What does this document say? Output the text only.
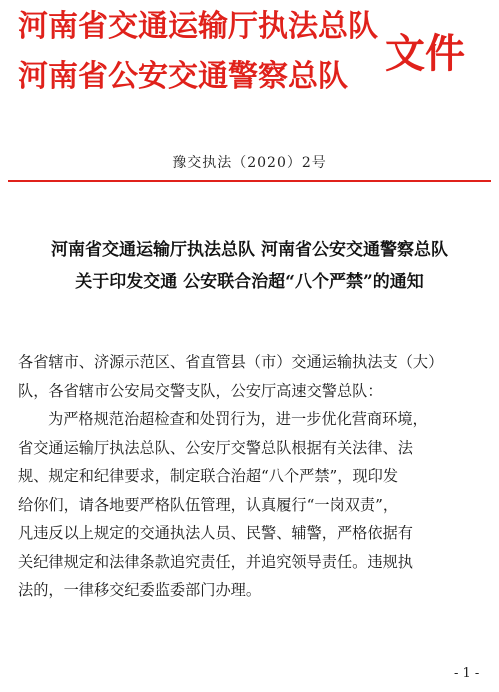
河南省交通运输厅执法总队
河南省公安交通警察总队 文件
豫交执法（2020）2号
河南省交通运输厅执法总队 河南省公安交通警察总队
关于印发交通 公安联合治超“八个严禁”的通知
各省辖市、济源示范区、省直管县（市）交通运输执法支（大）
队，各省辖市公安局交警支队，公安厅高速交警总队：
为严格规范治超检查和处罚行为，进一步优化营商环境，
省交通运输厅执法总队、公安厅交警总队根据有关法律、法
规、规定和纪律要求，制定联合治超“八个严禁”，现印发
给你们，请各地要严格队伍管理，认真履行“一岗双责”，
凡违反以上规定的交通执法人员、民警、辅警，严格依据有
关纪律规定和法律条款追究责任，并追究领导责任。违规执
法的，一律移交纪委监委部门办理。
- 1 -
